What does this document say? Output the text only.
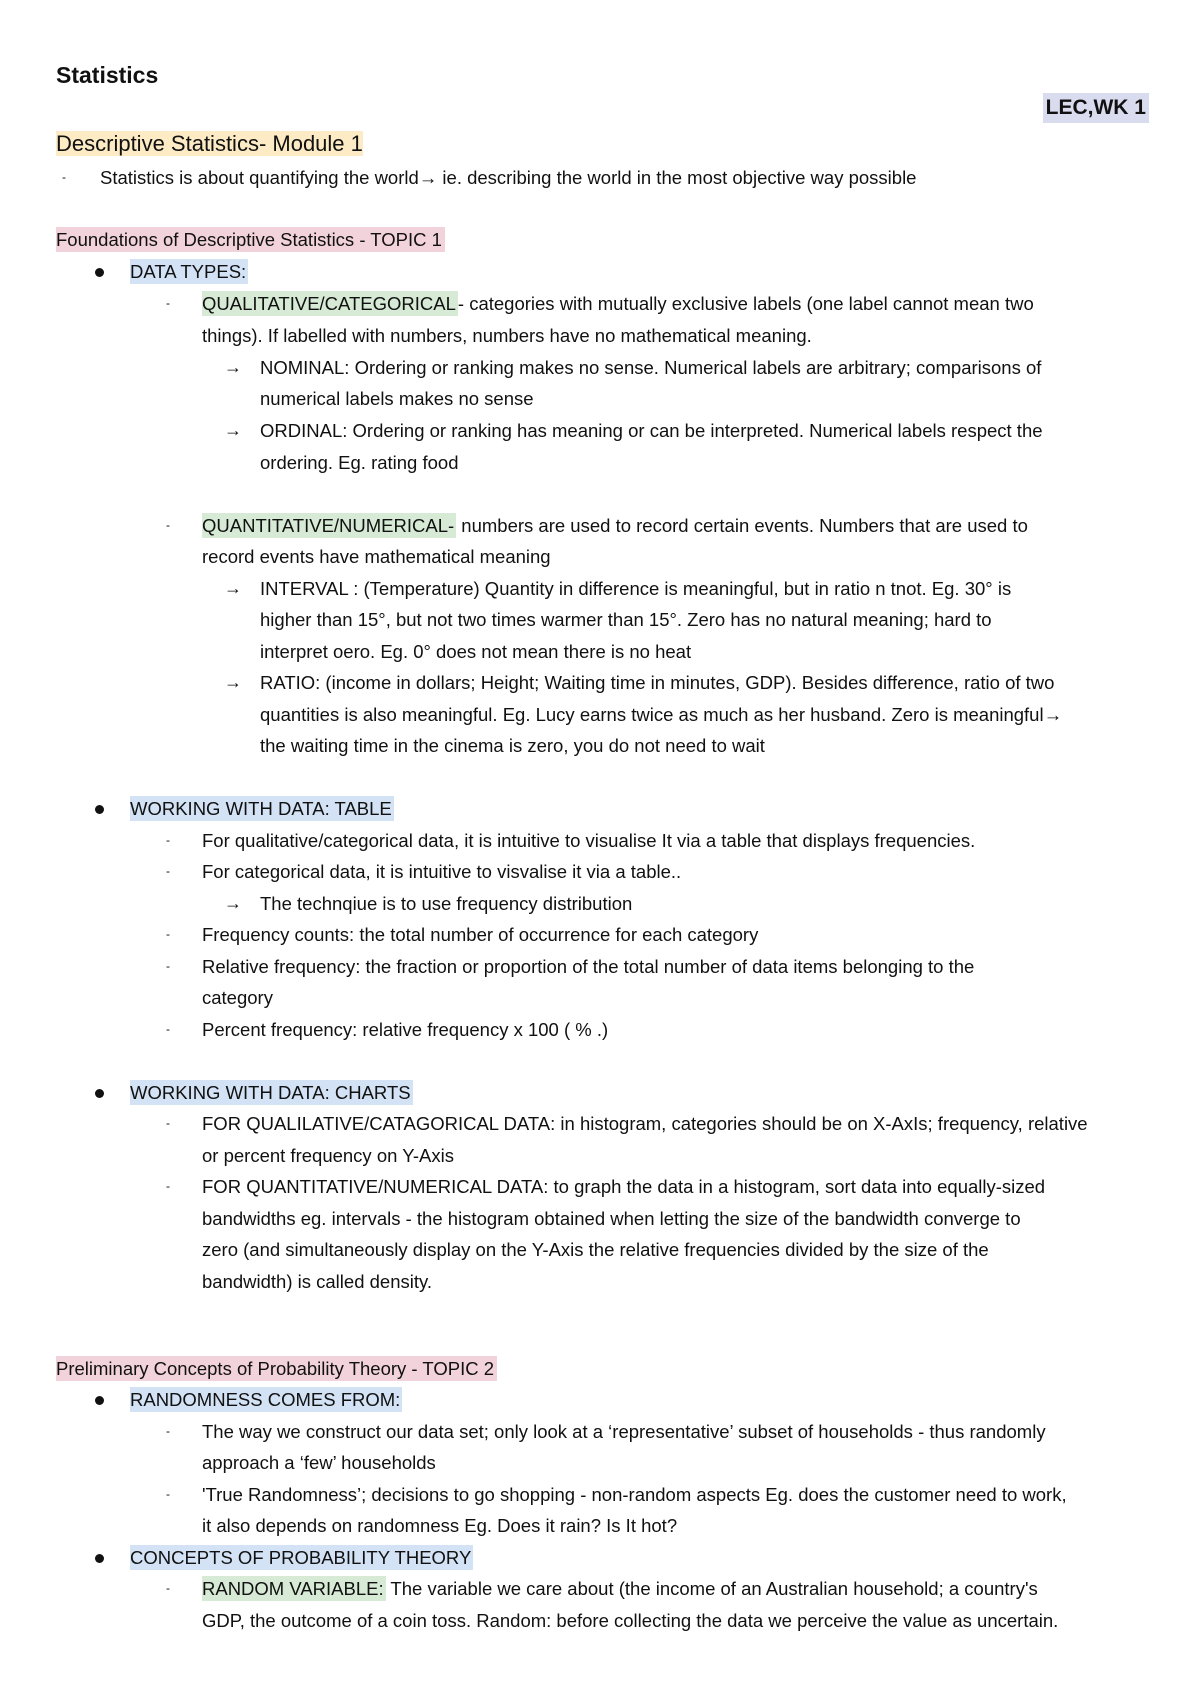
Statistics
LEC,WK 1
Descriptive Statistics- Module 1
- Statistics is about quantifying the world→ ie. describing the world in the most objective way possible
Foundations of Descriptive Statistics - TOPIC 1
DATA TYPES:
- QUALITATIVE/CATEGORICAL - categories with mutually exclusive labels (one label cannot mean two
things). If labelled with numbers, numbers have no mathematical meaning.
→ NOMINAL: Ordering or ranking makes no sense. Numerical labels are arbitrary; comparisons of
numerical labels makes no sense
→ ORDINAL: Ordering or ranking has meaning or can be interpreted. Numerical labels respect the
ordering. Eg. rating food
- QUANTITATIVE/NUMERICAL- numbers are used to record certain events. Numbers that are used to
record events have mathematical meaning
→ INTERVAL : (Temperature) Quantity in difference is meaningful, but in ratio n tnot. Eg. 30° is
higher than 15°, but not two times warmer than 15°. Zero has no natural meaning; hard to
interpret oero. Eg. 0° does not mean there is no heat
→ RATIO: (income in dollars; Height; Waiting time in minutes, GDP). Besides difference, ratio of two
quantities is also meaningful. Eg. Lucy earns twice as much as her husband. Zero is meaningful→
the waiting time in the cinema is zero, you do not need to wait
WORKING WITH DATA: TABLE
- For qualitative/categorical data, it is intuitive to visualise It via a table that displays frequencies.
- For categorical data, it is intuitive to visvalise it via a table..
→ The technqiue is to use frequency distribution
- Frequency counts: the total number of occurrence for each category
- Relative frequency: the fraction or proportion of the total number of data items belonging to the
category
- Percent frequency: relative frequency x 100 ( % .)
WORKING WITH DATA: CHARTS
- FOR QUALILATIVE/CATAGORICAL DATA: in histogram, categories should be on X-AxIs; frequency, relative
or percent frequency on Y-Axis
- FOR QUANTITATIVE/NUMERICAL DATA: to graph the data in a histogram, sort data into equally-sized
bandwidths eg. intervals - the histogram obtained when letting the size of the bandwidth converge to
zero (and simultaneously display on the Y-Axis the relative frequencies divided by the size of the
bandwidth) is called density.
Preliminary Concepts of Probability Theory - TOPIC 2
RANDOMNESS COMES FROM:
- The way we construct our data set; only look at a ‘representative’ subset of households - thus randomly
approach a ‘few’ households
- 'True Randomness’; decisions to go shopping - non-random aspects Eg. does the customer need to work,
it also depends on randomness Eg. Does it rain? Is It hot?
CONCEPTS OF PROBABILITY THEORY
- RANDOM VARIABLE: The variable we care about (the income of an Australian household; a country's
GDP, the outcome of a coin toss. Random: before collecting the data we perceive the value as uncertain.
